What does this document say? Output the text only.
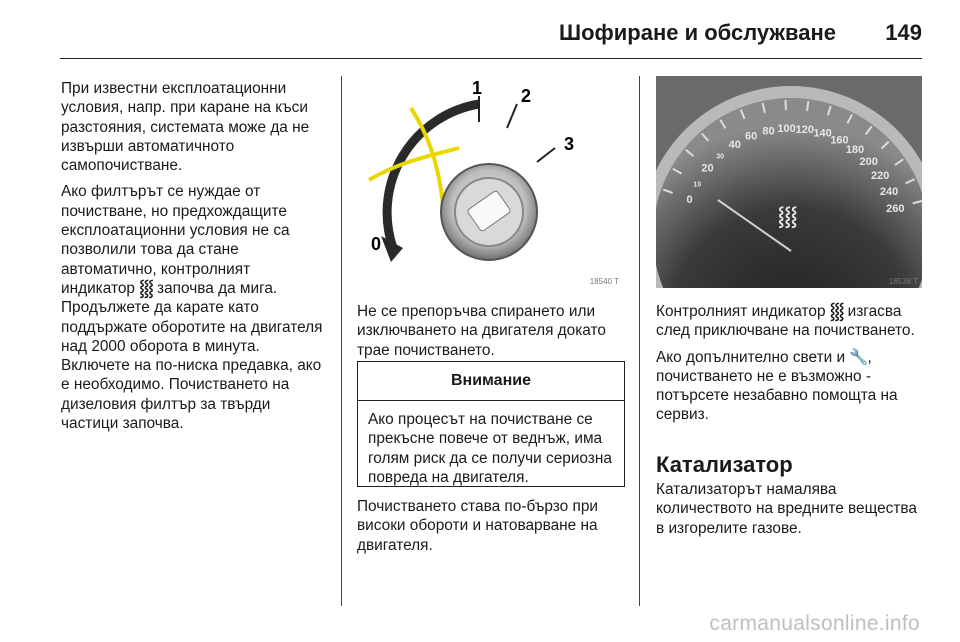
Шофиране и обслужване 149

При известни експлоатационни условия, напр. при каране на къси разстояния, системата може да не извърши автоматичното самопочистване.

Ако филтърът се нуждае от почистване, но предхождащите експлоатационни условия не са позволили това да стане автоматично, контролният индикатор ⸾⸾⸾ започва да мига. Продължете да карате като поддържате оборотите на двигателя над 2000 оборота в минута. Включете на по-ниска предавка, ако е необходимо. Почистването на дизеловия филтър за твърди частици започва.

0
1 2
3
18540 T

Не се препоръчва спирането или изключването на двигателя докато трае почистването.

Внимание
Ако процесът на почистване се прекъсне повече от веднъж, има голям риск да се получи сериозна повреда на двигателя.

Почистването става по-бързо при високи обороти и натоварване на двигателя.

0
10
20
30
40
60 80 100 120 140
160
180
200
220
240
260
⸾⸾⸾
18538 T

Контролният индикатор ⸾⸾⸾ изгасва след приключване на почистването.

Ако допълнително свети и 🔧, почистването не е възможно - потърсете незабавно помощта на сервиз.

Катализатор

Катализаторът намалява количеството на вредните вещества в изгорелите газове.

carmanualsonline.info
